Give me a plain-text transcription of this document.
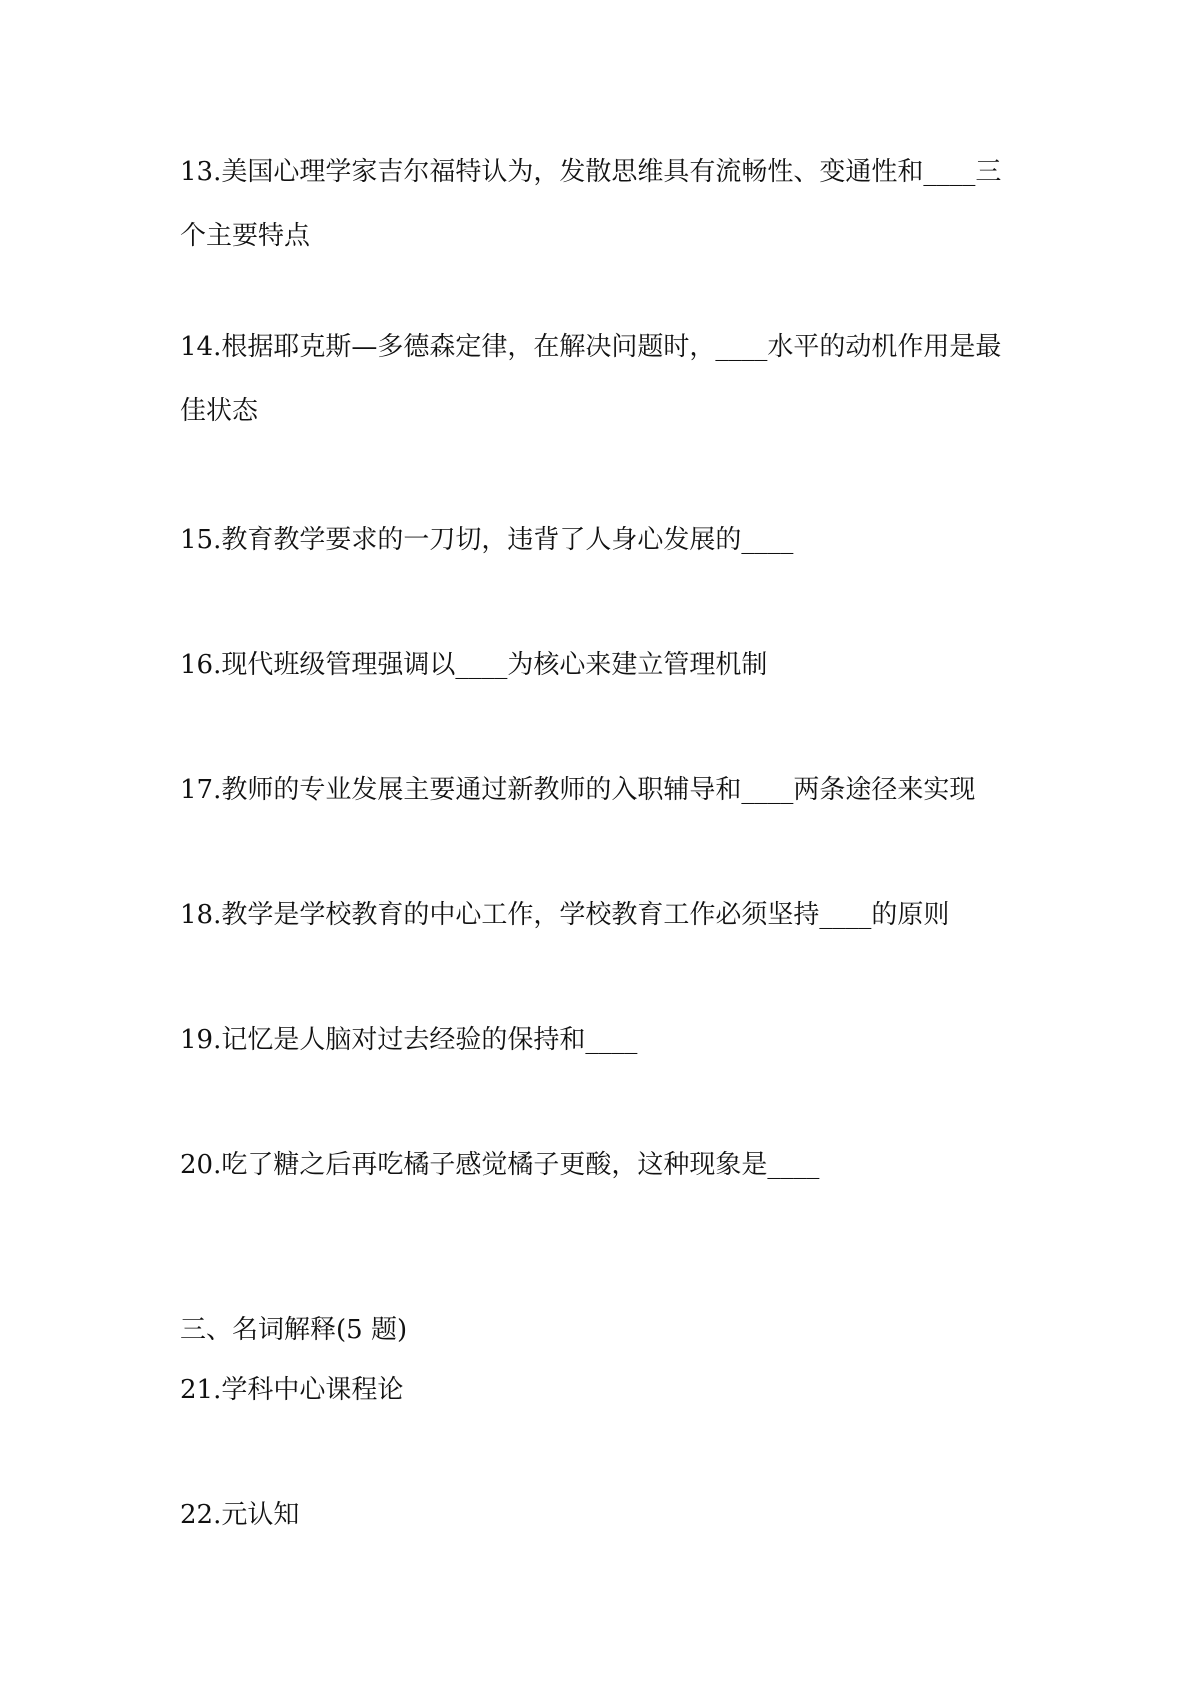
13.美国心理学家吉尔福特认为，发散思维具有流畅性、变通性和____三个主要特点
14.根据耶克斯—多德森定律，在解决问题时，____水平的动机作用是最佳状态
15.教育教学要求的一刀切，违背了人身心发展的____
16.现代班级管理强调以____为核心来建立管理机制
17.教师的专业发展主要通过新教师的入职辅导和____两条途径来实现
18.教学是学校教育的中心工作，学校教育工作必须坚持____的原则
19.记忆是人脑对过去经验的保持和____
20.吃了糖之后再吃橘子感觉橘子更酸，这种现象是____
三、名词解释(5 题)
21.学科中心课程论
22.元认知
